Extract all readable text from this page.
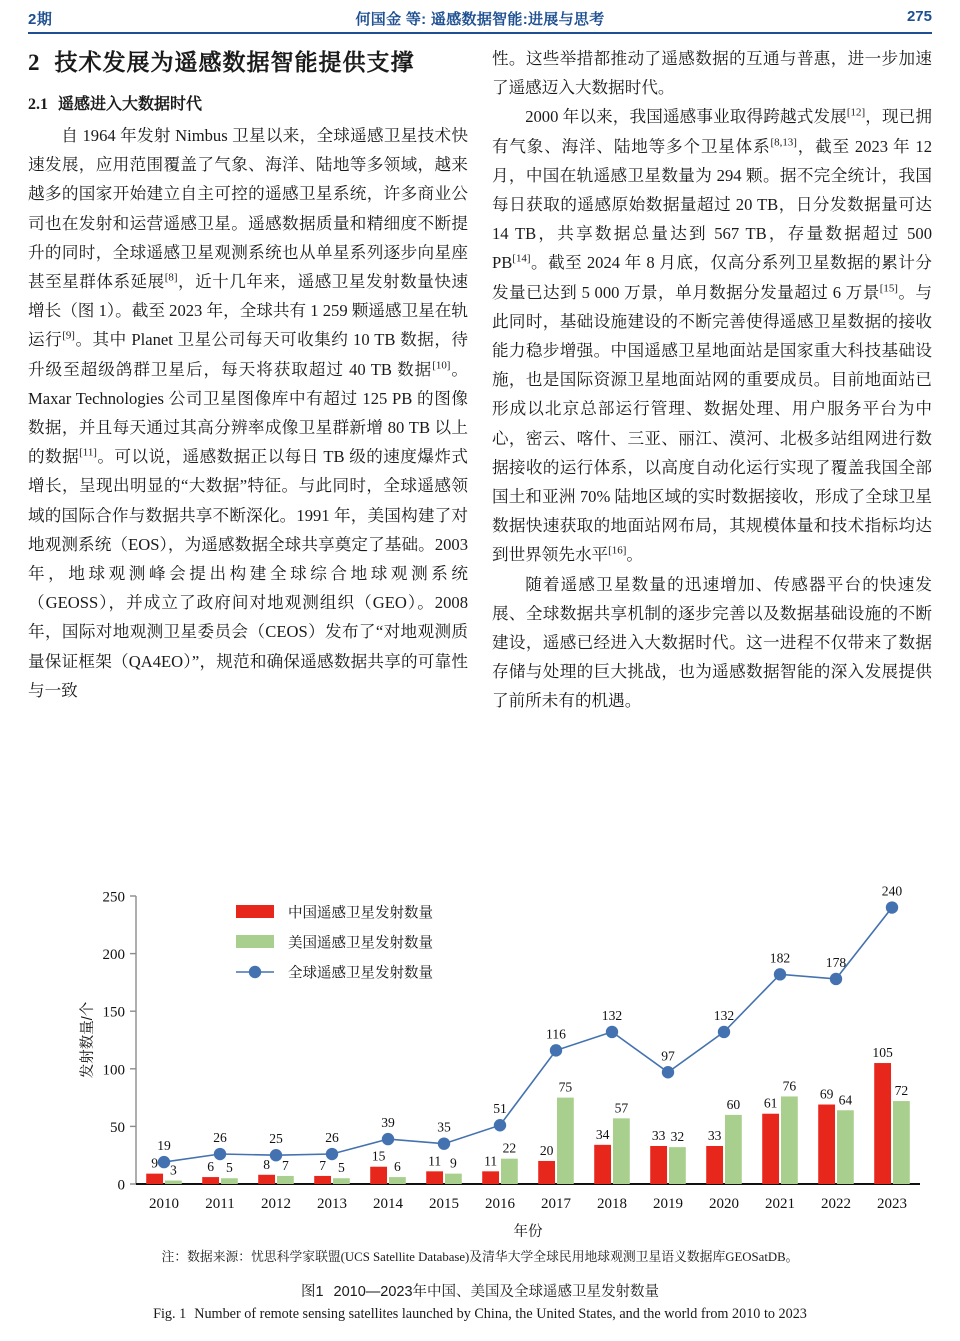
2期	何国金 等: 遥感数据智能:进展与思考	275
2 技术发展为遥感数据智能提供支撑
2.1 遥感进入大数据时代

自 1964 年发射 Nimbus 卫星以来，全球遥感卫星技术快速发展，应用范围覆盖了气象、海洋、陆地等多领域，越来越多的国家开始建立自主可控的遥感卫星系统，许多商业公司也在发射和运营遥感卫星。遥感数据质量和精细度不断提升的同时，全球遥感卫星观测系统也从单星系列逐步向星座甚至星群体系延展[8]，近十几年来，遥感卫星发射数量快速增长（图 1）。截至 2023 年，全球共有 1 259 颗遥感卫星在轨运行[9]。其中 Planet 卫星公司每天可收集约 10 TB 数据，待升级至超级鸽群卫星后，每天将获取超过 40 TB 数据[10]。Maxar Technologies 公司卫星图像库中有超过 125 PB 的图像数据，并且每天通过其高分辨率成像卫星群新增 80 TB 以上的数据[11]。可以说，遥感数据正以每日 TB 级的速度爆炸式增长，呈现出明显的“大数据”特征。与此同时，全球遥感领域的国际合作与数据共享不断深化。1991 年，美国构建了对地观测系统（EOS），为遥感数据全球共享奠定了基础。2003 年，地球观测峰会提出构建全球综合地球观测系统（GEOSS），并成立了政府间对地观测组织（GEO）。2008 年，国际对地观测卫星委员会（CEOS）发布了“对地观测质量保证框架（QA4EO）”，规范和确保遥感数据共享的可靠性与一致

性。这些举措都推动了遥感数据的互通与普惠，进一步加速了遥感迈入大数据时代。

2000 年以来，我国遥感事业取得跨越式发展[12]，现已拥有气象、海洋、陆地等多个卫星体系[8,13]，截至 2023 年 12 月，中国在轨遥感卫星数量为 294 颗。据不完全统计，我国每日获取的遥感原始数据量超过 20 TB，日分发数据量可达 14 TB，共享数据总量达到 567 TB，存量数据超过 500 PB[14]。截至 2024 年 8 月底，仅高分系列卫星数据的累计分发量已达到 5 000 万景，单月数据分发量超过 6 万景[15]。与此同时，基础设施建设的不断完善使得遥感卫星数据的接收能力稳步增强。中国遥感卫星地面站是国家重大科技基础设施，也是国际资源卫星地面站网的重要成员。目前地面站已形成以北京总部运行管理、数据处理、用户服务平台为中心，密云、喀什、三亚、丽江、漠河、北极多站组网进行数据接收的运行体系，以高度自动化运行实现了覆盖我国全部国土和亚洲 70% 陆地区域的实时数据接收，形成了全球卫星数据快速获取的地面站网布局，其规模体量和技术指标均达到世界领先水平[16]。

随着遥感卫星数量的迅速增加、传感器平台的快速发展、全球数据共享机制的逐步完善以及数据基础设施的不断建设，遥感已经进入大数据时代。这一进程不仅带来了数据存储与处理的巨大挑战，也为遥感数据智能的深入发展提供了前所未有的机遇。

0
50
100
150
200
250
9 3 6 5 8 7 7 5
15
6 11 9 11
22 20
75
34
57
33 32 33
60 61
76
69 64
105
72
19
26	25	26
39	35
51
116
132
97
132
182	178
240
2010 2011 2012 2013 2014 2015 2016 2017 2018 2019 2020 2021 2022 2023
年份
发射数量/个
中国遥感卫星发射数量
美国遥感卫星发射数量
全球遥感卫星发射数量
注：数据来源：忧思科学家联盟(UCS Satellite Database)及清华大学全球民用地球观测卫星语义数据库GEOSatDB。
图1 2010—2023年中国、美国及全球遥感卫星发射数量
Fig. 1 Number of remote sensing satellites launched by China, the United States, and the world from 2010 to 2023
